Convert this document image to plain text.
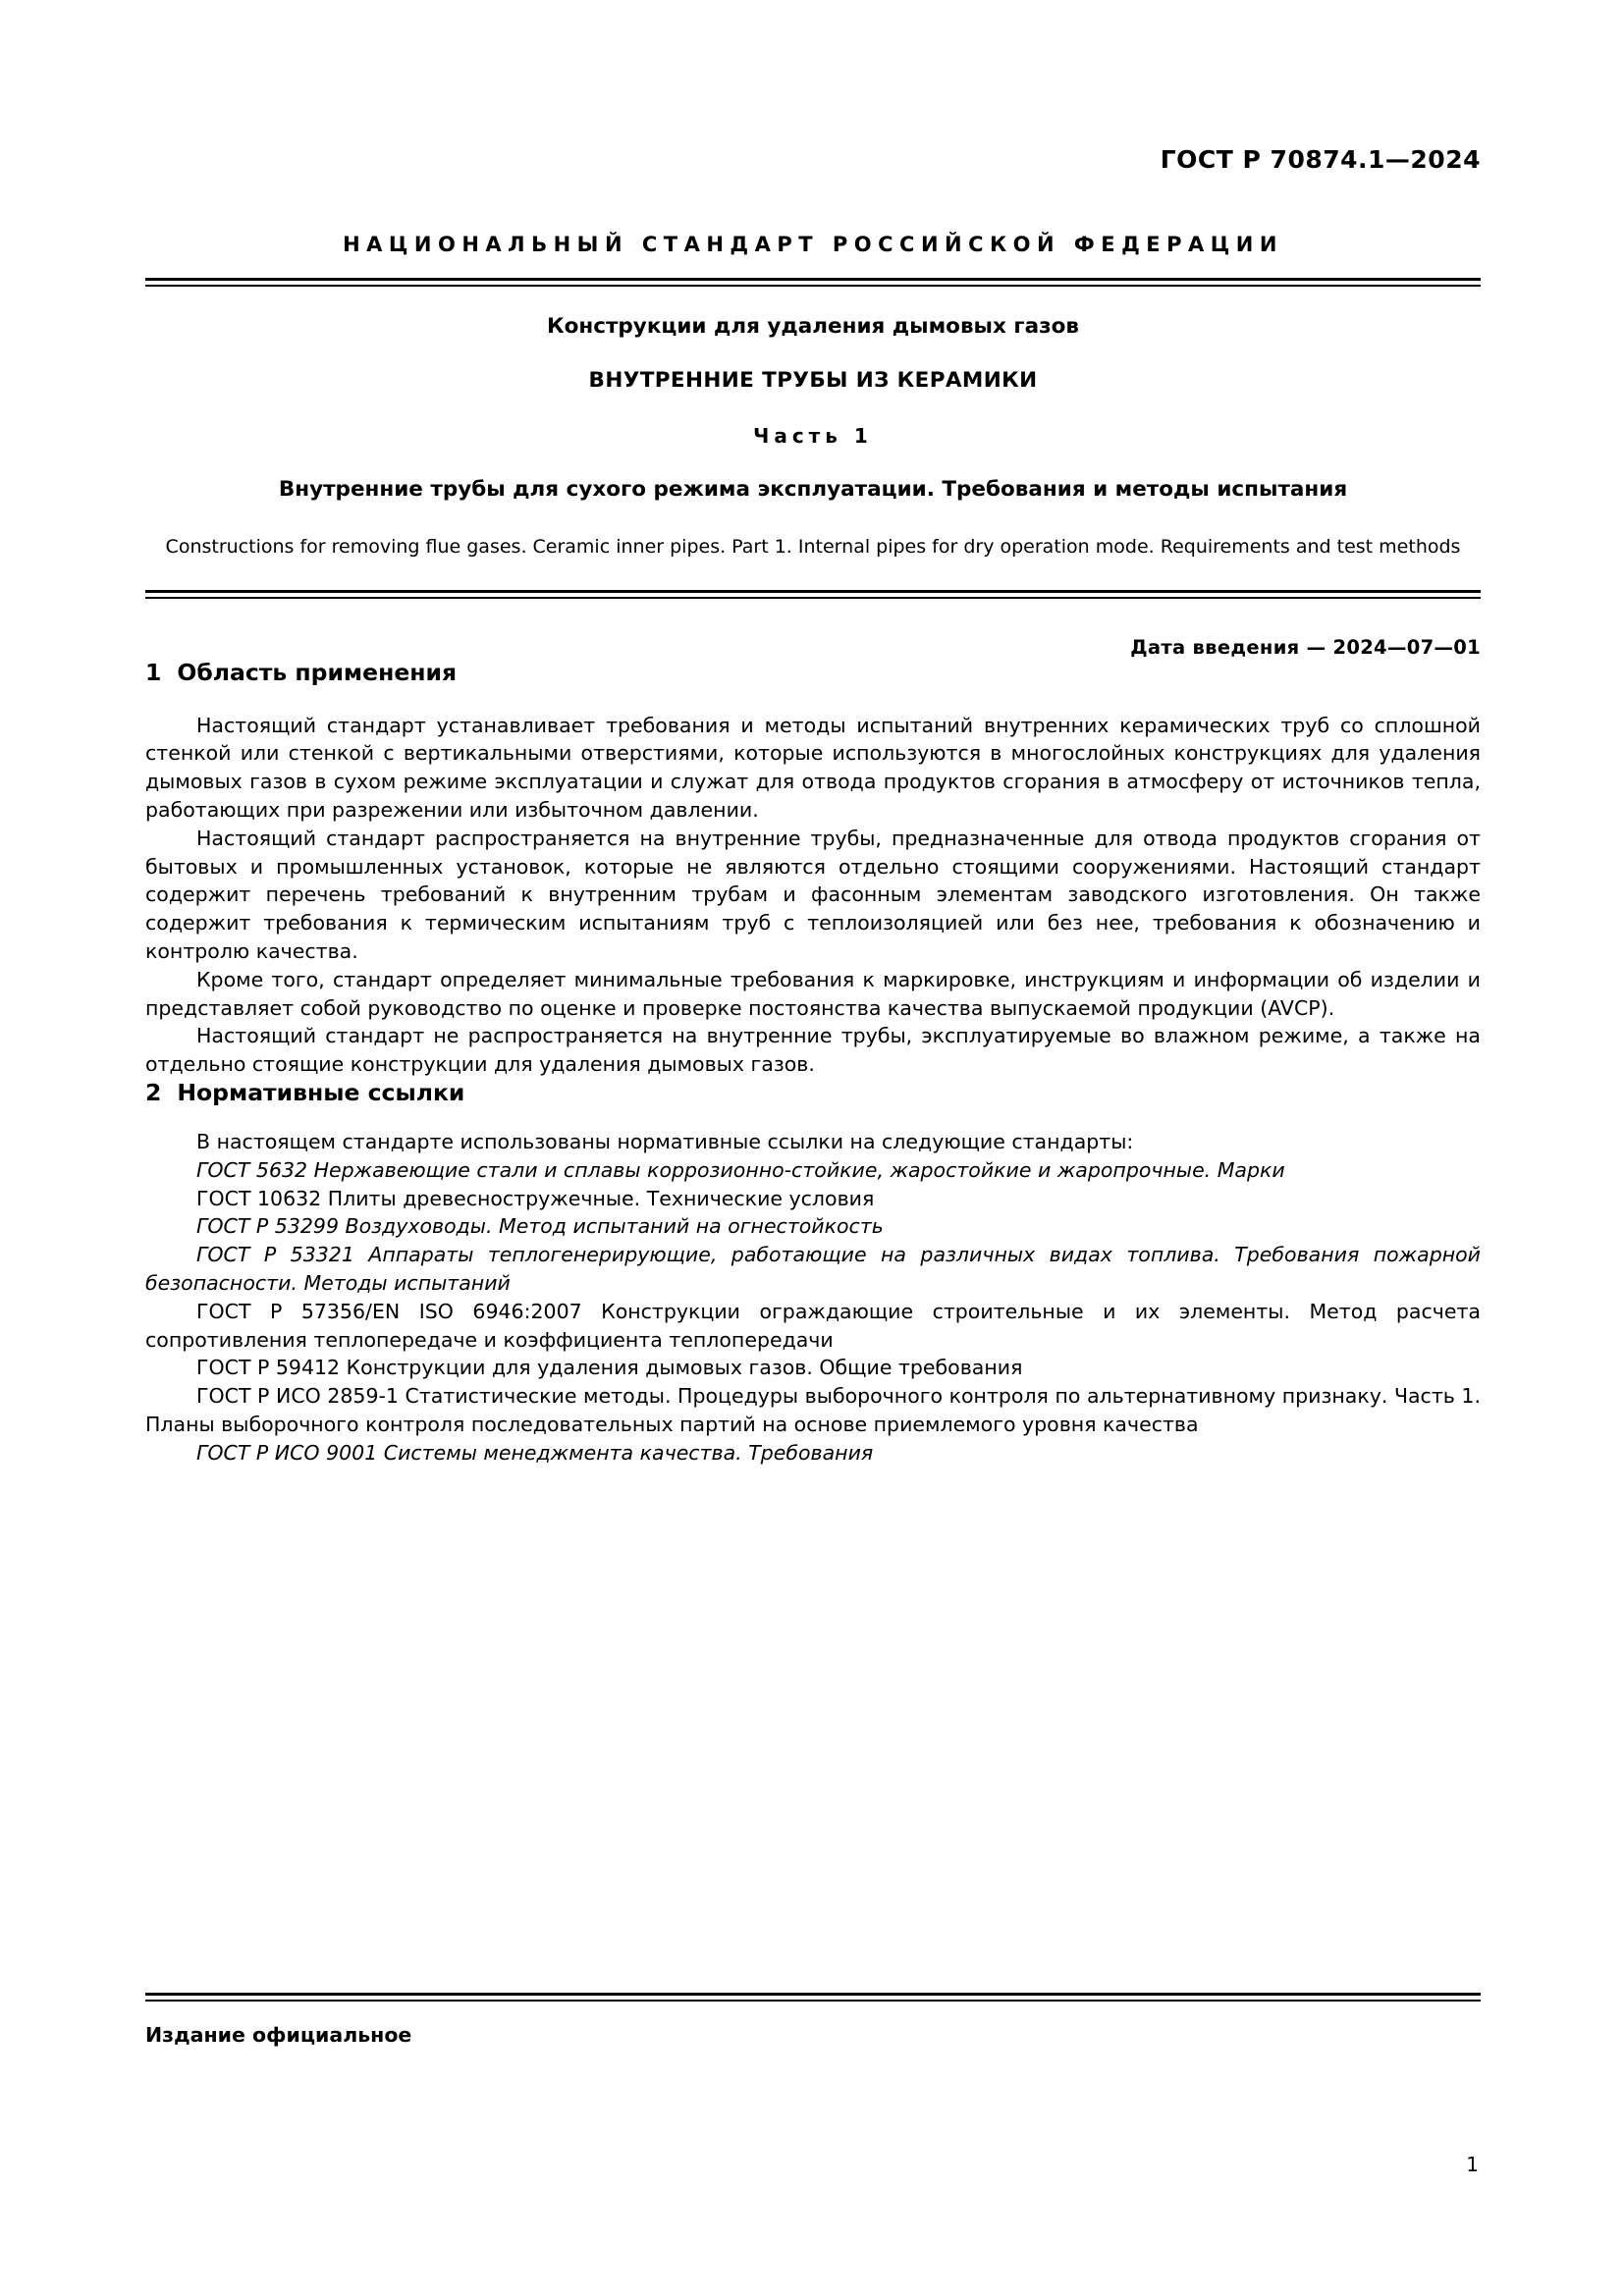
ГОСТ Р 70874.1—2024
НАЦИОНАЛЬНЫЙ СТАНДАРТ РОССИЙСКОЙ ФЕДЕРАЦИИ
Конструкции для удаления дымовых газов
ВНУТРЕННИЕ ТРУБЫ ИЗ КЕРАМИКИ
Часть 1
Внутренние трубы для сухого режима эксплуатации. Требования и методы испытания
Constructions for removing flue gases. Ceramic inner pipes. Part 1. Internal pipes for dry operation mode. Requirements and test methods
Дата введения — 2024—07—01
1 Область применения

Настоящий стандарт устанавливает требования и методы испытаний внутренних керамических труб со сплошной стенкой или стенкой с вертикальными отверстиями, которые используются в многослойных конструкциях для удаления дымовых газов в сухом режиме эксплуатации и служат для отвода продуктов сгорания в атмосферу от источников тепла, работающих при разрежении или избыточном давлении.

Настоящий стандарт распространяется на внутренние трубы, предназначенные для отвода продуктов сгорания от бытовых и промышленных установок, которые не являются отдельно стоящими сооружениями. Настоящий стандарт содержит перечень требований к внутренним трубам и фасонным элементам заводского изготовления. Он также содержит требования к термическим испытаниям труб с теплоизоляцией или без нее, требования к обозначению и контролю качества.

Кроме того, стандарт определяет минимальные требования к маркировке, инструкциям и информации об изделии и представляет собой руководство по оценке и проверке постоянства качества выпускаемой продукции (AVCP).

Настоящий стандарт не распространяется на внутренние трубы, эксплуатируемые во влажном режиме, а также на отдельно стоящие конструкции для удаления дымовых газов.

2 Нормативные ссылки

В настоящем стандарте использованы нормативные ссылки на следующие стандарты:

ГОСТ 5632 Нержавеющие стали и сплавы коррозионно-стойкие, жаростойкие и жаропрочные. Марки

ГОСТ 10632 Плиты древесностружечные. Технические условия

ГОСТ Р 53299 Воздуховоды. Метод испытаний на огнестойкость

ГОСТ Р 53321 Аппараты теплогенерирующие, работающие на различных видах топлива. Требования пожарной безопасности. Методы испытаний

ГОСТ Р 57356/EN ISO 6946:2007 Конструкции ограждающие строительные и их элементы. Метод расчета сопротивления теплопередаче и коэффициента теплопередачи

ГОСТ Р 59412 Конструкции для удаления дымовых газов. Общие требования

ГОСТ Р ИСО 2859-1 Статистические методы. Процедуры выборочного контроля по альтернативному признаку. Часть 1. Планы выборочного контроля последовательных партий на основе приемлемого уровня качества

ГОСТ Р ИСО 9001 Системы менеджмента качества. Требования

Издание официальное
1
